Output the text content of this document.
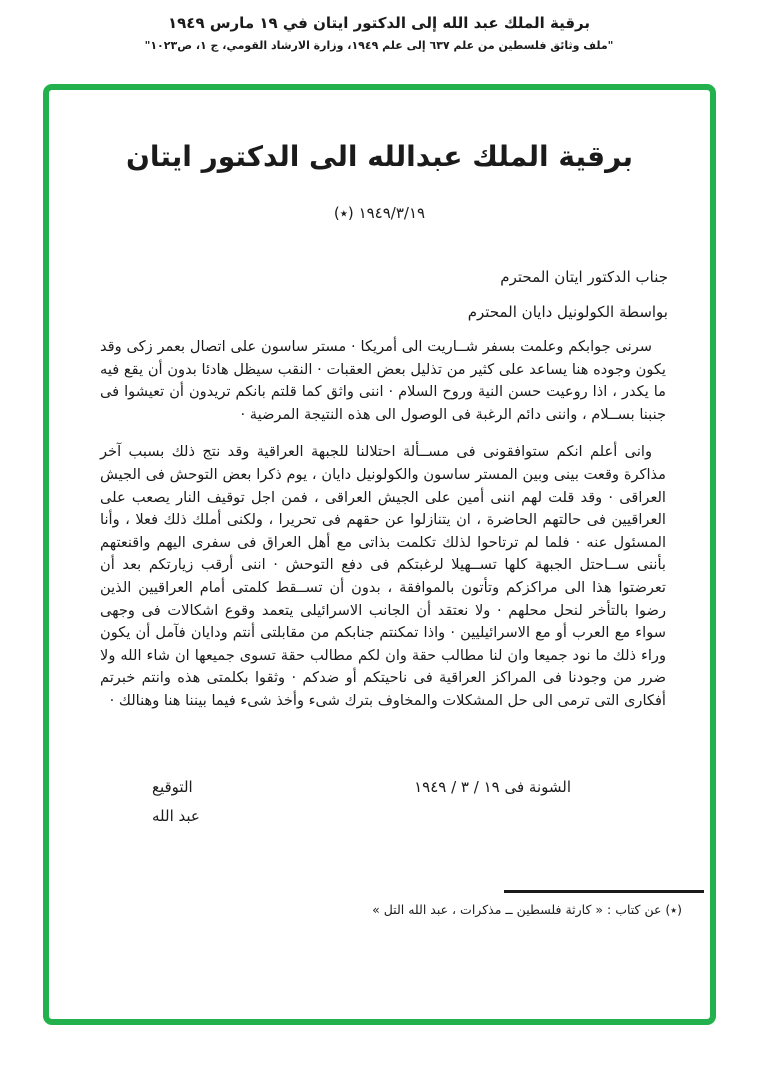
برقية الملك عبد الله إلى الدكتور ايتان في ١٩ مارس ١٩٤٩
"ملف وثائق فلسطين من علم ٦٣٧ إلى علم ١٩٤٩، وزارة الارشاد القومي، ج ١، ص١٠٢٣"
برقية الملك عبدالله الى الدكتور ايتان
١٩٤٩/٣/١٩ (٭)
جناب الدكتور ايتان المحترم
بواسطة الكولونيل دايان المحترم

سرنى جوابكم وعلمت بسفر شــاريت الى أمريكا · مستر ساسون على اتصال بعمر زكى وقد يكون وجوده هنا يساعد على كثير من تذليل بعض العقبات · النقب سيظل هادئا بدون أن يقع فيه ما يكدر ، اذا روعيت حسن النية وروح السلام · اننى واثق كما قلتم بانكم تريدون أن تعيشوا فى جنبنا بســلام ، واننى دائم الرغبة فى الوصول الى هذه النتيجة المرضية ·

وانى أعلم انكم ستوافقونى فى مســألة احتلالنا للجبهة العراقية وقد نتج ذلك بسبب آخر مذاكرة وقعت بينى وبين المستر ساسون والكولونيل دايان ، يوم ذكرا بعض التوحش فى الجيش العراقى · وقد قلت لهم اننى أمين على الجيش العراقى ، فمن اجل توقيف النار يصعب على العراقيين فى حالتهم الحاضرة ، ان يتنازلوا عن حقهم فى تحريرا ، ولكنى أملك ذلك فعلا ، وأنا المسئول عنه · فلما لم ترتاحوا لذلك تكلمت بذاتى مع أهل العراق فى سفرى اليهم واقنعتهم بأننى ســاحتل الجبهة كلها تســهيلا لرغبتكم فى دفع التوحش · اننى أرقب زيارتكم بعد أن تعرضتوا هذا الى مراكزكم وتأتون بالموافقة ، بدون أن تســقط كلمتى أمام العراقيين الذين رضوا بالتأخر لنحل محلهم · ولا نعتقد أن الجانب الاسرائيلى يتعمد وقوع اشكالات فى وجهى سواء مع العرب أو مع الاسرائيليين · واذا تمكنتم جنابكم من مقابلتى أنتم ودايان فآمل أن يكون وراء ذلك ما نود جميعا وان لنا مطالب حقة وان لكم مطالب حقة تسوى جميعها ان شاء الله ولا ضرر من وجودنا فى المراكز العراقية فى ناحيتكم أو ضدكم · وثقوا بكلمتى هذه وانتم خبرتم أفكارى التى ترمى الى حل المشكلات والمخاوف بترك شىء وأخذ شىء فيما بيننا هنا وهنالك ·

الشونة فى ١٩ / ٣ / ١٩٤٩
التوقيع
عبد الله
(٭) عن كتاب : « كارثة فلسطين ــ مذكرات ، عبد الله التل »
